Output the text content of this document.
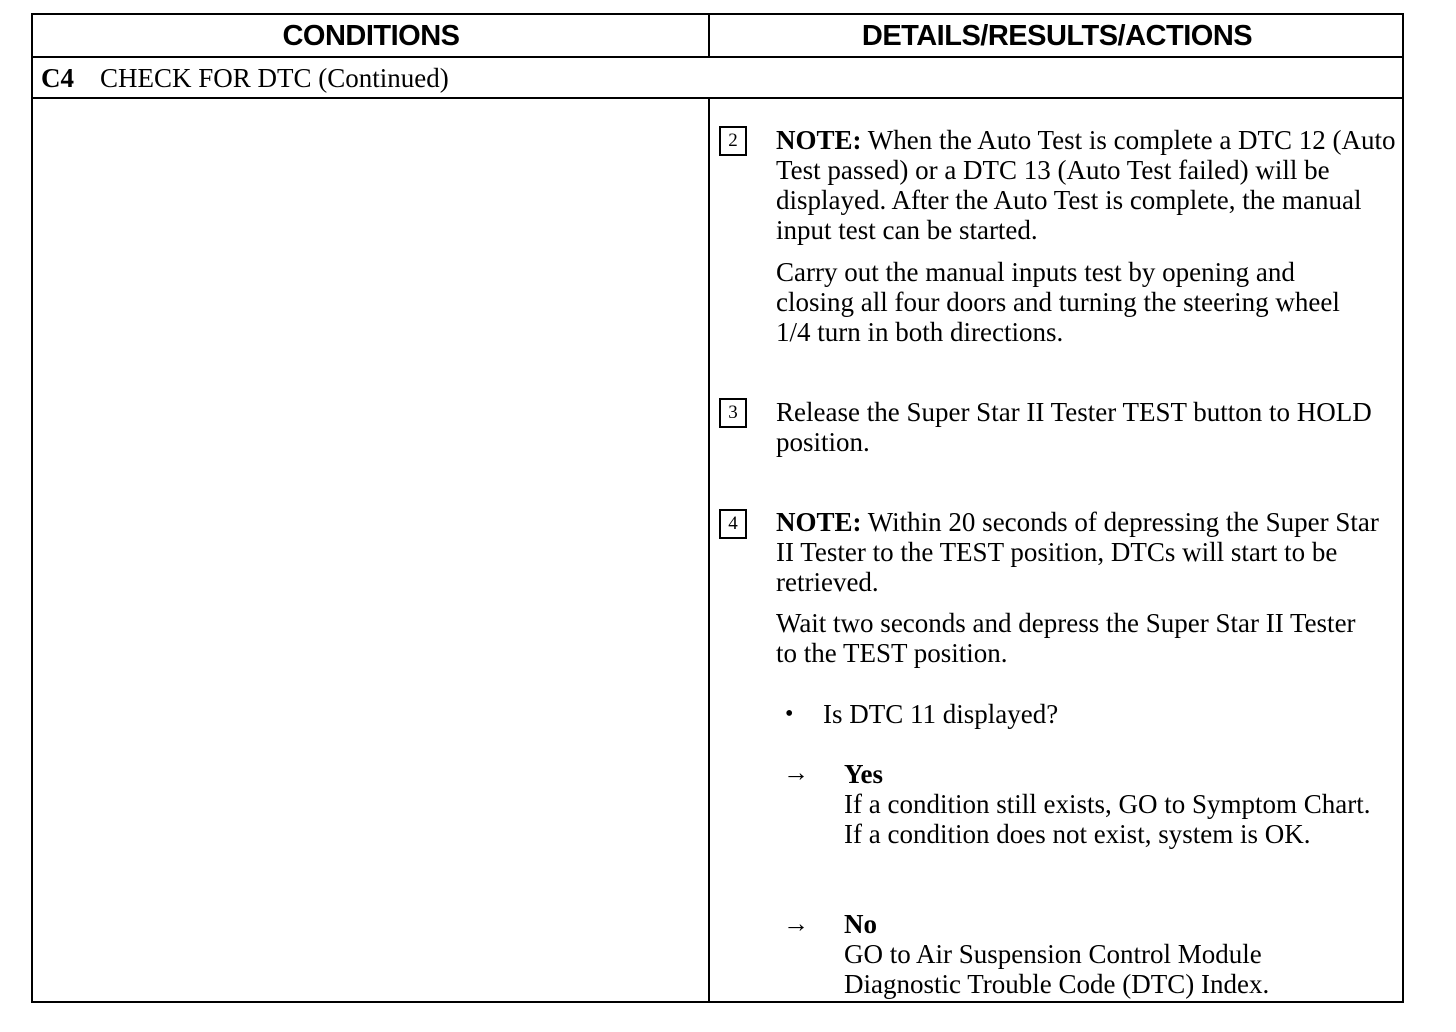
CONDITIONS	DETAILS/RESULTS/ACTIONS
C4 CHECK FOR DTC (Continued)
2	NOTE: When the Auto Test is complete a DTC 12 (Auto Test passed) or a DTC 13 (Auto Test failed) will be displayed. After the Auto Test is complete, the manual input test can be started.
Carry out the manual inputs test by opening and closing all four doors and turning the steering wheel 1/4 turn in both directions.
3	Release the Super Star II Tester TEST button to HOLD position.
4	NOTE: Within 20 seconds of depressing the Super Star II Tester to the TEST position, DTCs will start to be retrieved.
Wait two seconds and depress the Super Star II Tester to the TEST position.
• Is DTC 11 displayed?
→ Yes
If a condition still exists, GO to Symptom Chart. If a condition does not exist, system is OK.
→ No
GO to Air Suspension Control Module Diagnostic Trouble Code (DTC) Index.
